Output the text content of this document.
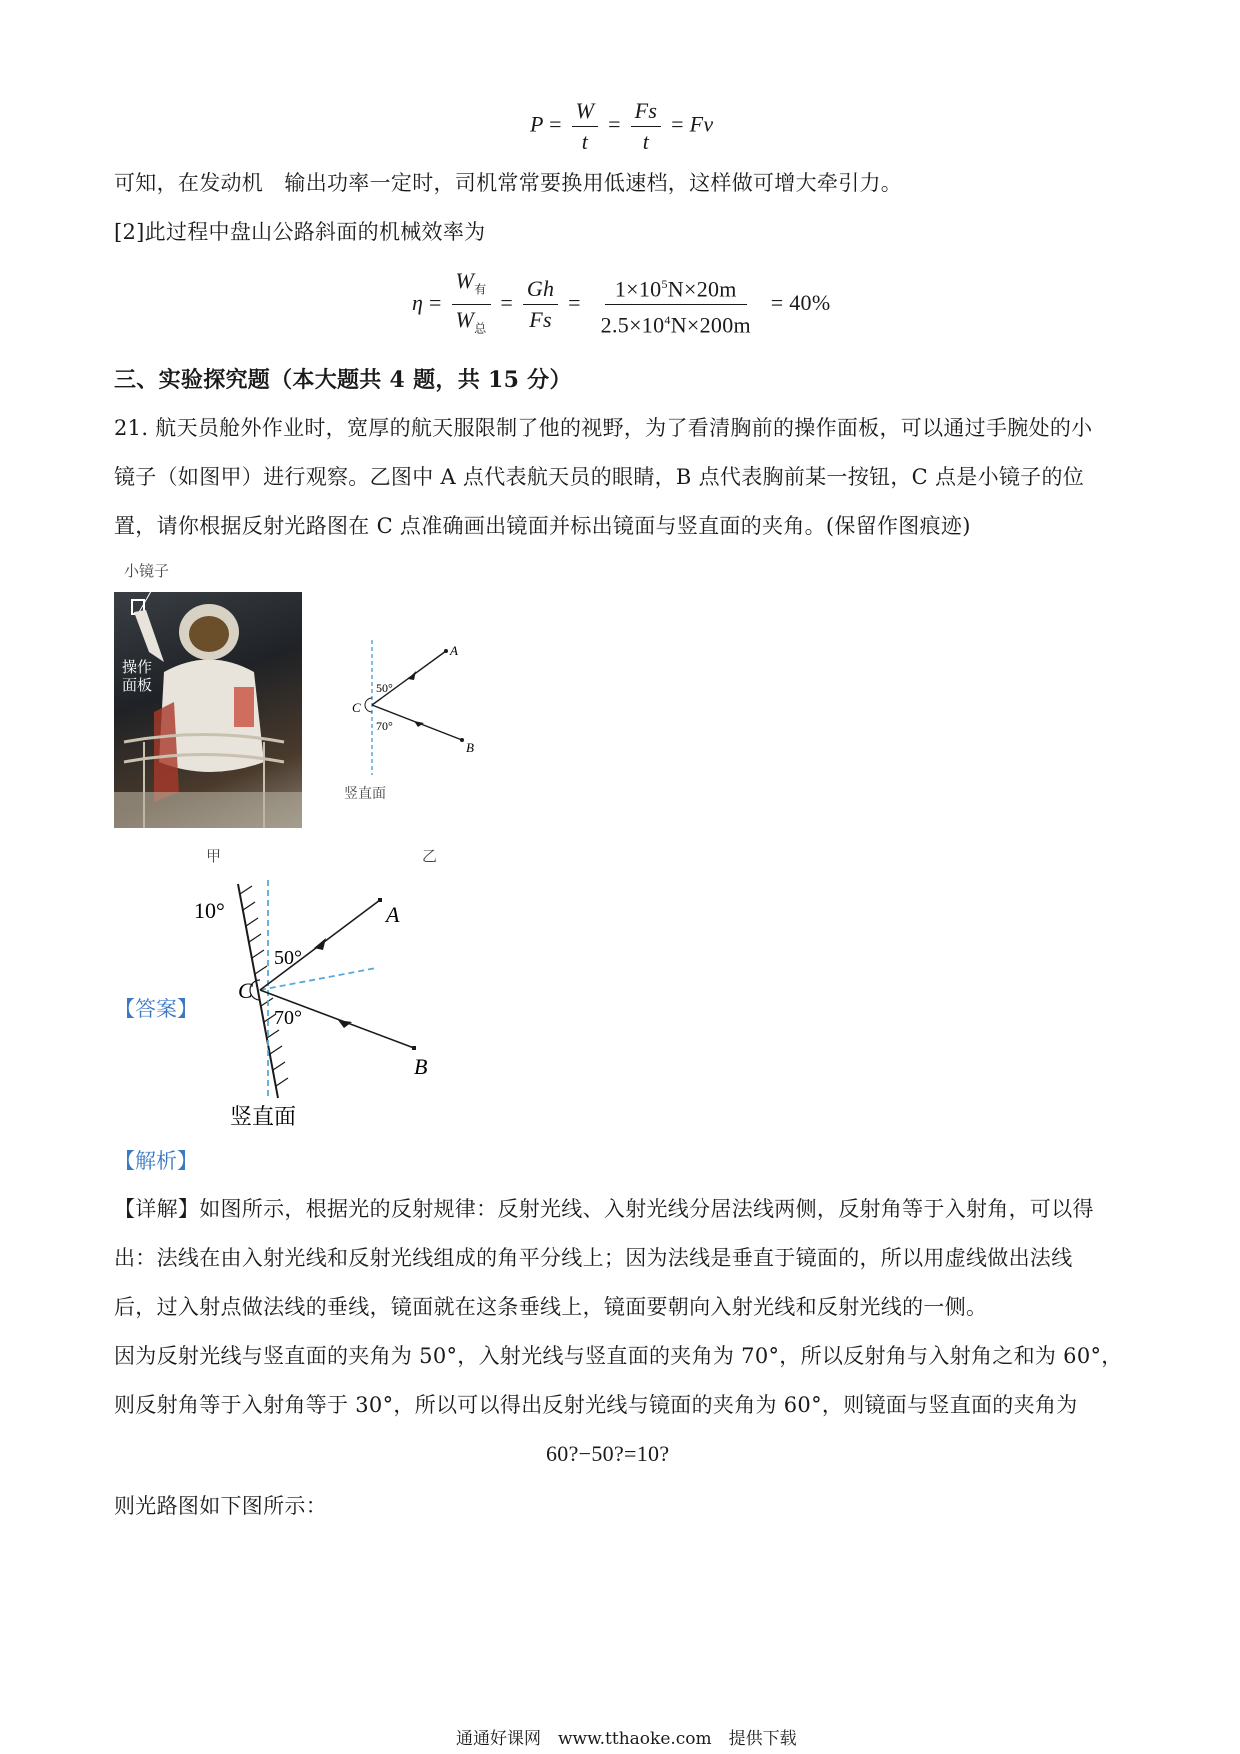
$P = \frac{W}{t} = \frac{Fs}{t} = Fv$
可知，在发动机　输出功率一定时，司机常常要换用低速档，这样做可增大牵引力。
[2]此过程中盘山公路斜面的机械效率为
$\eta = \frac{W_有}{W_总} = \frac{Gh}{Fs} = \frac{1\times 10^5N\times 20m}{2.5\times 10^4N\times 200m} = 40\%$
三、实验探究题（本大题共 4 题，共 15 分）
21. 航天员舱外作业时，宽厚的航天服限制了他的视野，为了看清胸前的操作面板，可以通过手腕处的小
镜子（如图甲）进行观察。乙图中 A 点代表航天员的眼睛，B 点代表胸前某一按钮，C 点是小镜子的位
置，请你根据反射光路图在 C 点准确画出镜面并标出镜面与竖直面的夹角。(保留作图痕迹)
小镜子
操作
面板
甲
A
B
C
50°
70°
竖直面
乙
【答案】
10°	A
B
C
50°
70°
竖直面
【解析】
【详解】如图所示，根据光的反射规律：反射光线、入射光线分居法线两侧，反射角等于入射角，可以得
出：法线在由入射光线和反射光线组成的角平分线上；因为法线是垂直于镜面的，所以用虚线做出法线
后，过入射点做法线的垂线，镜面就在这条垂线上，镜面要朝向入射光线和反射光线的一侧。
因为反射光线与竖直面的夹角为 50°，入射光线与竖直面的夹角为 70°，所以反射角与入射角之和为 60°，
则反射角等于入射角等于 30°，所以可以得出反射光线与镜面的夹角为 60°，则镜面与竖直面的夹角为
60?−50?=10?
则光路图如下图所示：
通通好课网　www.tthaoke.com　提供下载
